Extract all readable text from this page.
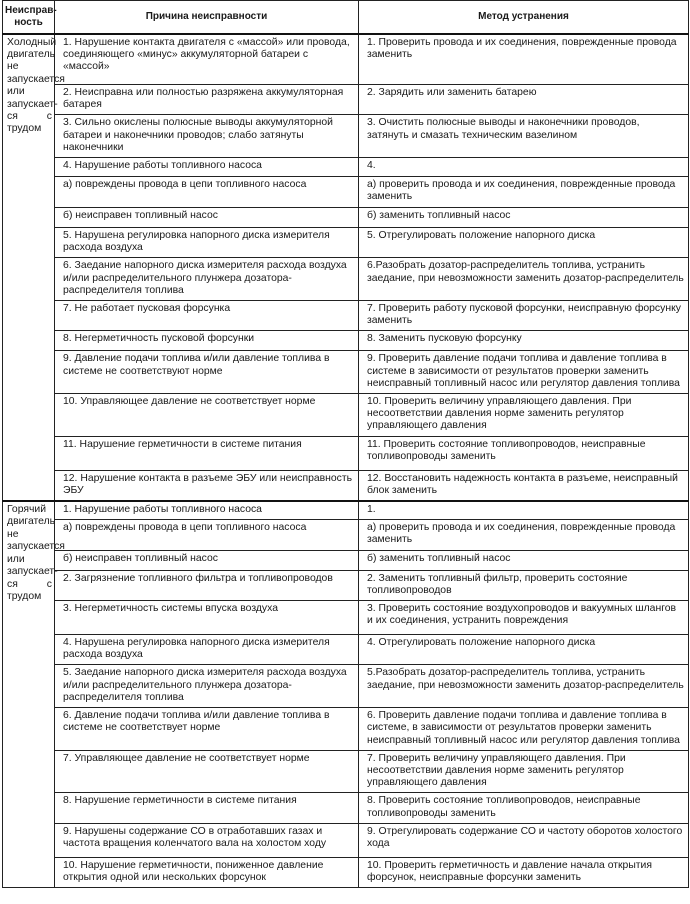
Неисправ-ность	Причина неисправности	Метод устранения
Холодный двигатель не запускается или запускает-ся с трудом	1. Нарушение контакта двигателя с «массой» или провода, соединяющего «минус» аккумуляторной батареи с «массой»	1. Проверить провода и их соединения, поврежденные провода заменить
	2. Неисправна или полностью разряжена аккумуляторная батарея	2. Зарядить или заменить батарею
	3. Сильно окислены полюсные выводы аккумуляторной батареи и наконечники проводов; слабо затянуты наконечники	3. Очистить полюсные выводы и наконечники проводов, затянуть и смазать техническим вазелином
	4. Нарушение работы топливного насоса	4.
	а) повреждены провода в цепи топливного насоса	а) проверить провода и их соединения, поврежденные провода заменить
	б) неисправен топливный насос	б) заменить топливный насос
	5. Нарушена регулировка напорного диска измерителя расхода воздуха	5. Отрегулировать положение напорного диска
	6. Заедание напорного диска измерителя расхода воздуха и/или распределительного плунжера дозатора-распределителя топлива	6.Разобрать дозатор-распределитель топлива, устранить заедание, при невозможности заменить дозатор-распределитель
	7. Не работает пусковая форсунка	7. Проверить работу пусковой форсунки, неисправную форсунку заменить
	8. Негерметичность пусковой форсунки	8. Заменить пусковую форсунку
	9. Давление подачи топлива и/или давление топлива в системе не соответствуют норме	9. Проверить давление подачи топлива и давление топлива в системе в зависимости от результатов проверки заменить неисправный топливный насос или регулятор давления топлива
	10. Управляющее давление не соответствует норме	10. Проверить величину управляющего давления. При несоответствии давления норме заменить регулятор управляющего давления
	11. Нарушение герметичности в системе питания	11. Проверить состояние топливопроводов, неисправные топливопроводы заменить
	12. Нарушение контакта в разъеме ЭБУ или неисправность ЭБУ	12. Восстановить надежность контакта в разъеме, неисправный блок заменить
Горячий двигатель не запускается или запускает-ся с трудом	1. Нарушение работы топливного насоса	1.
	а) повреждены провода в цепи топливного насоса	а) проверить провода и их соединения, поврежденные провода заменить
	б) неисправен топливный насос	б) заменить топливный насос
	2. Загрязнение топливного фильтра и топливопроводов	2. Заменить топливный фильтр, проверить состояние топливопроводов
	3. Негерметичность системы впуска воздуха	3. Проверить состояние воздухопроводов и вакуумных шлангов и их соединения, устранить повреждения
	4. Нарушена регулировка напорного диска измерителя расхода воздуха	4. Отрегулировать положение напорного диска
	5. Заедание напорного диска измерителя расхода воздуха и/или распределительного плунжера дозатора-распределителя топлива	5.Разобрать дозатор-распределитель топлива, устранить заедание, при невозможности заменить дозатор-распределитель
	6. Давление подачи топлива и/или давление топлива в системе не соответствует норме	6. Проверить давление подачи топлива и давление топлива в системе, в зависимости от результатов проверки заменить неисправный топливный насос или регулятор давления топлива
	7. Управляющее давление не соответствует норме	7. Проверить величину управляющего давления. При несоответствии давления норме заменить регулятор управляющего давления
	8. Нарушение герметичности в системе питания	8. Проверить состояние топливопроводов, неисправные топливопроводы заменить
	9. Нарушены содержание СО в отработавших газах и частота вращения коленчатого вала на холостом ходу	9. Отрегулировать содержание СО и частоту оборотов холостого хода
	10. Нарушение герметичности, пониженное давление открытия одной или нескольких форсунок	10. Проверить герметичность и давление начала открытия форсунок, неисправные форсунки заменить
